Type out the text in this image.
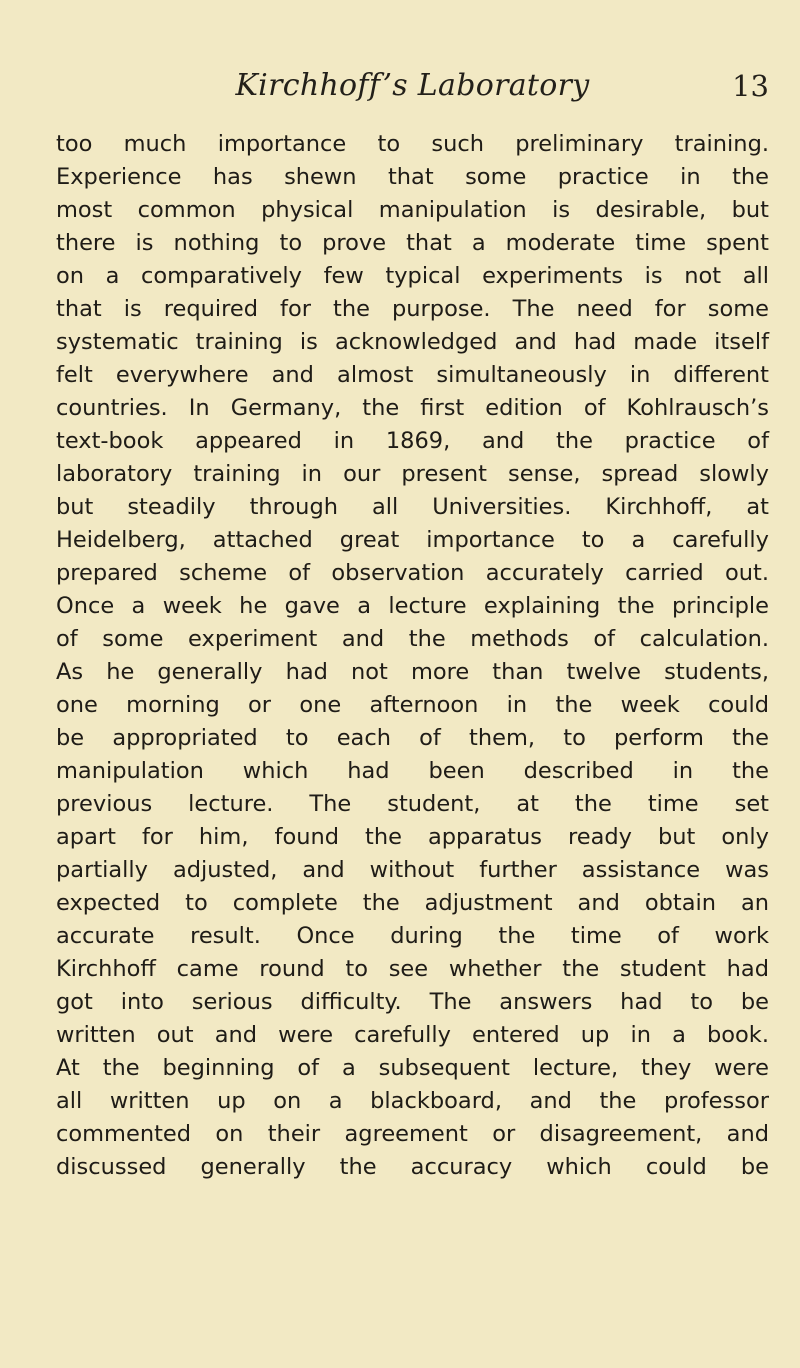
Kirchhoff’s Laboratory	13
too much importance to such preliminary training.
Experience has shewn that some practice in the
most common physical manipulation is desirable, but
there is nothing to prove that a moderate time spent
on a comparatively few typical experiments is not all
that is required for the purpose. The need for some
systematic training is acknowledged and had made itself
felt everywhere and almost simultaneously in different
countries. In Germany, the first edition of Kohlrausch’s
text-book appeared in 1869, and the practice of
laboratory training in our present sense, spread slowly
but steadily through all Universities. Kirchhoff, at
Heidelberg, attached great importance to a carefully
prepared scheme of observation accurately carried out.
Once a week he gave a lecture explaining the principle
of some experiment and the methods of calculation.
As he generally had not more than twelve students,
one morning or one afternoon in the week could
be appropriated to each of them, to perform the
manipulation which had been described in the
previous lecture. The student, at the time set
apart for him, found the apparatus ready but only
partially adjusted, and without further assistance was
expected to complete the adjustment and obtain an
accurate result. Once during the time of work
Kirchhoff came round to see whether the student had
got into serious difficulty. The answers had to be
written out and were carefully entered up in a book.
At the beginning of a subsequent lecture, they were
all written up on a blackboard, and the professor
commented on their agreement or disagreement, and
discussed generally the accuracy which could be
